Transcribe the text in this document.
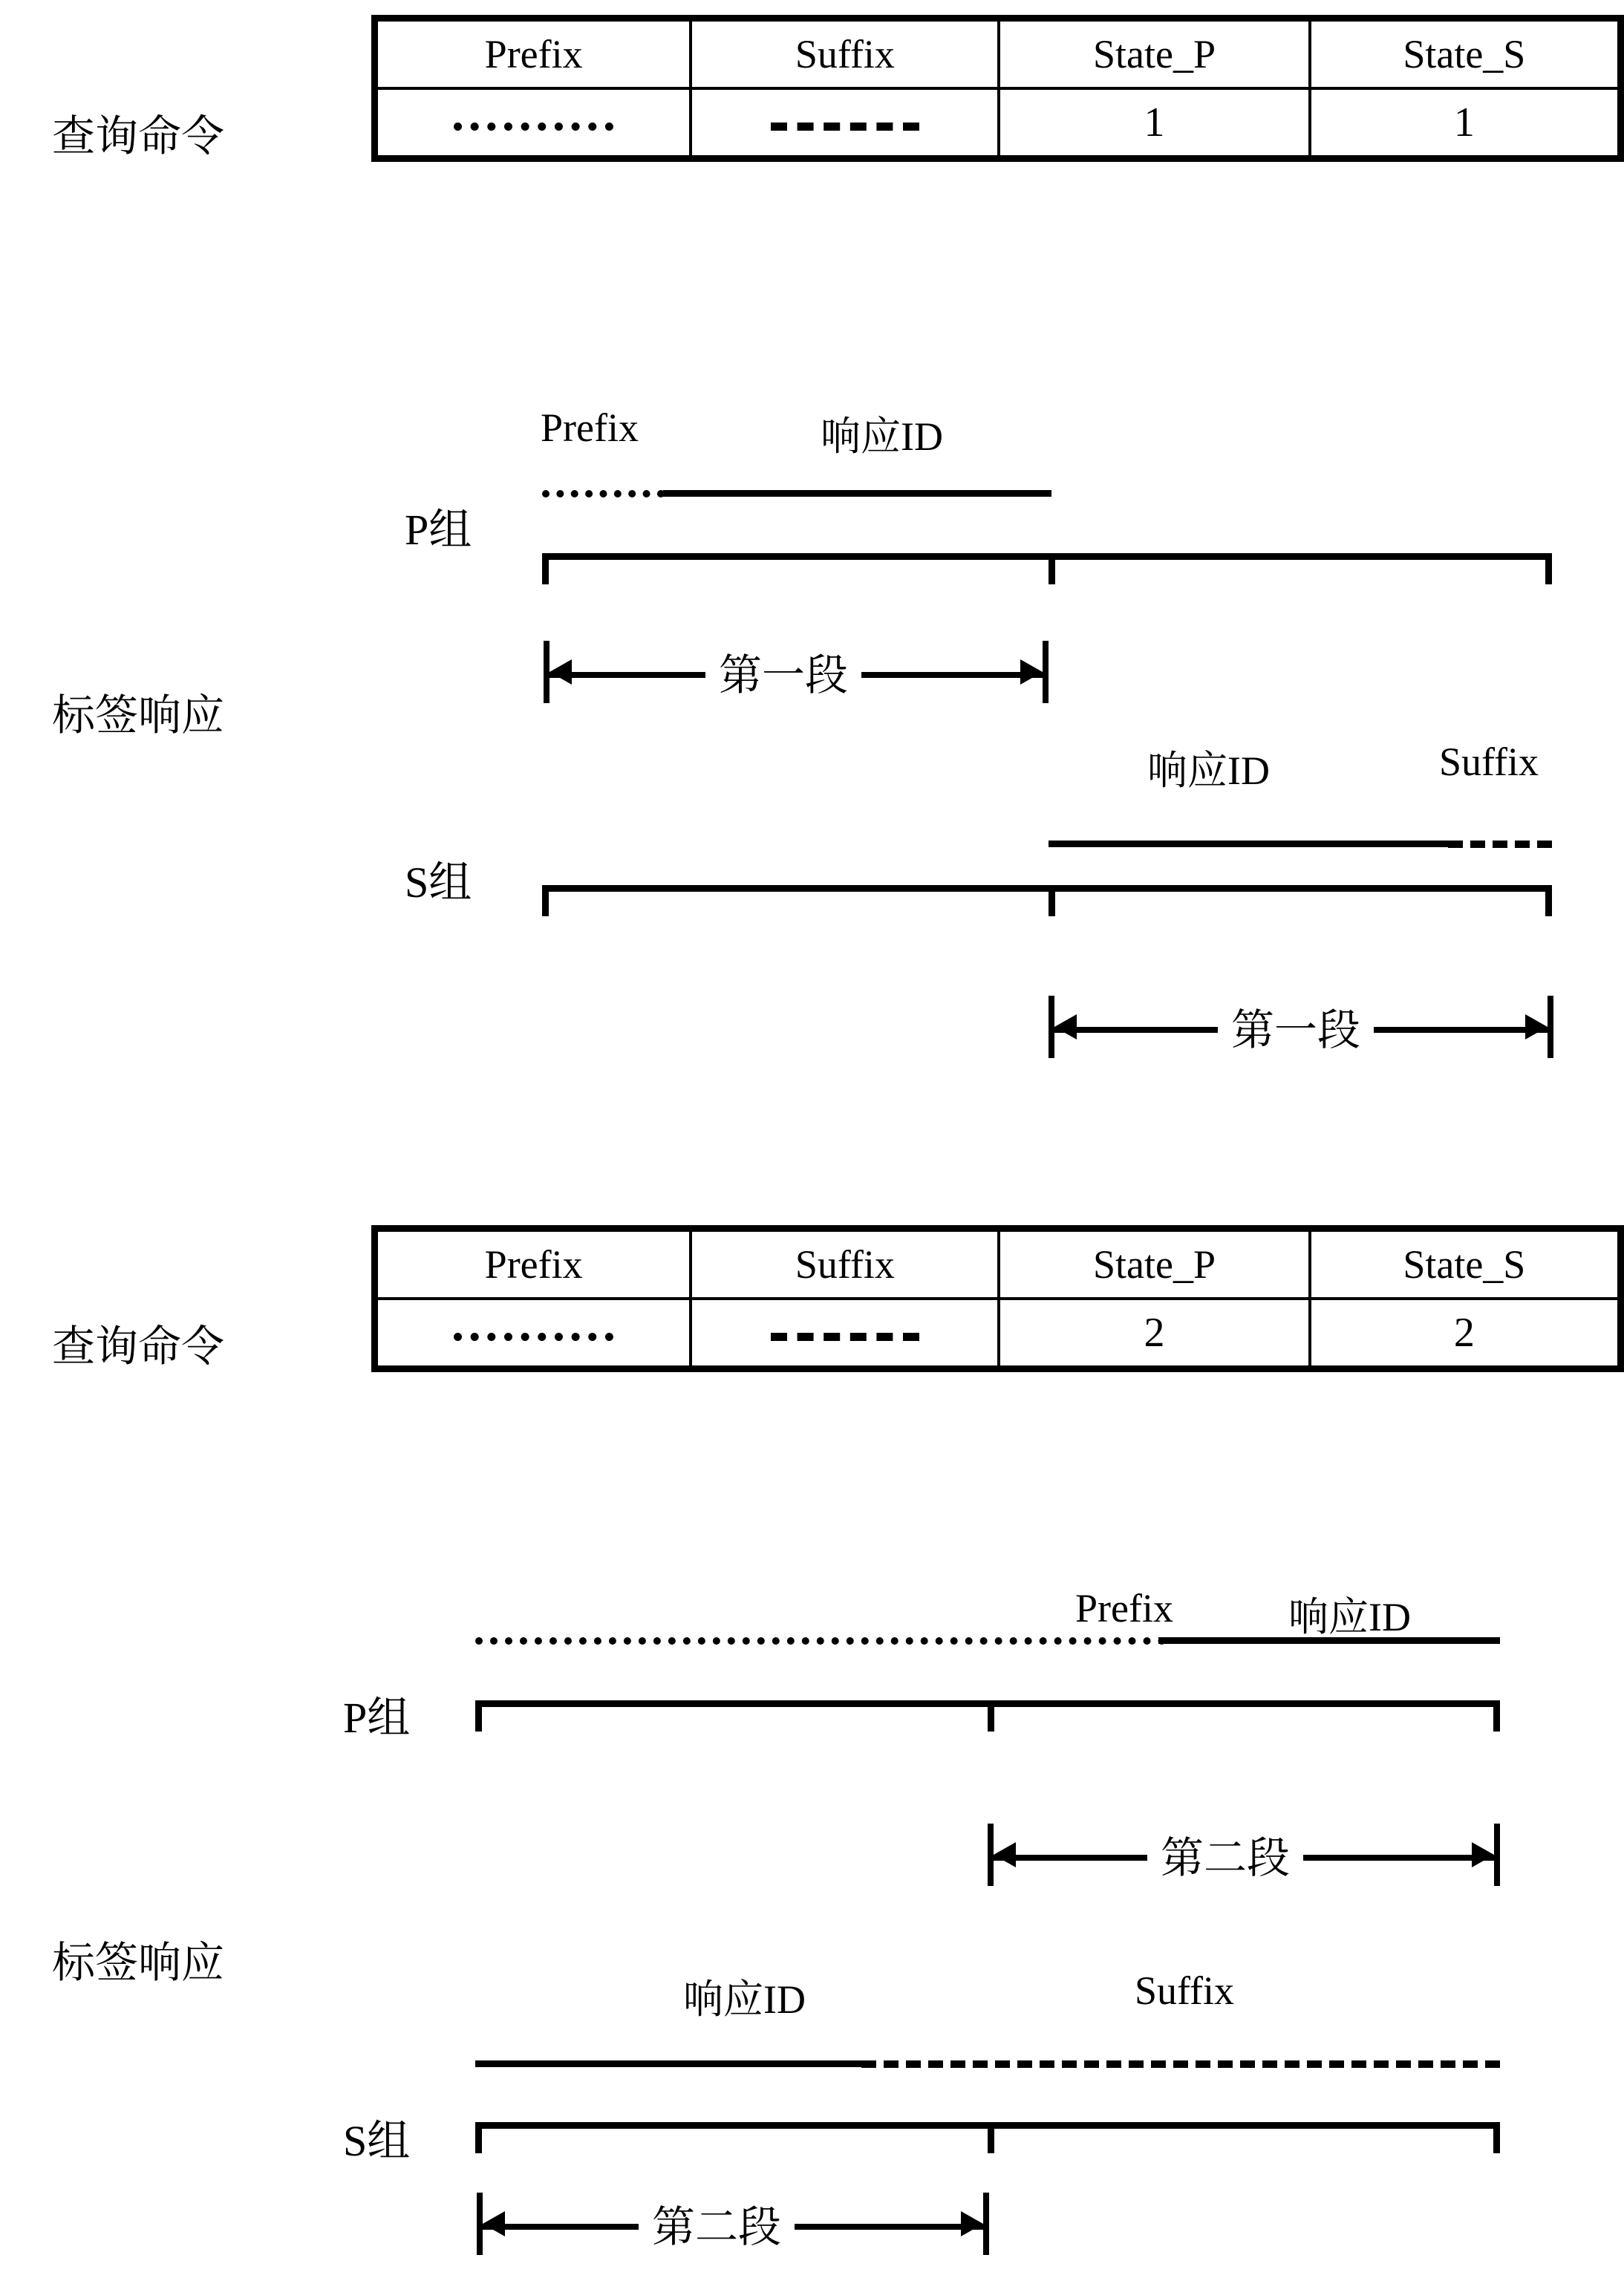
查询命令
Prefix	Suffix	State_P	State_S
		1	1
标签响应
Prefix	响应ID
P组
第一段
响应ID	Suffix
S组
第一段
查询命令
Prefix	Suffix	State_P	State_S
		2	2
标签响应
Prefix	响应ID
P组
第二段
响应ID	Suffix
S组
第二段
